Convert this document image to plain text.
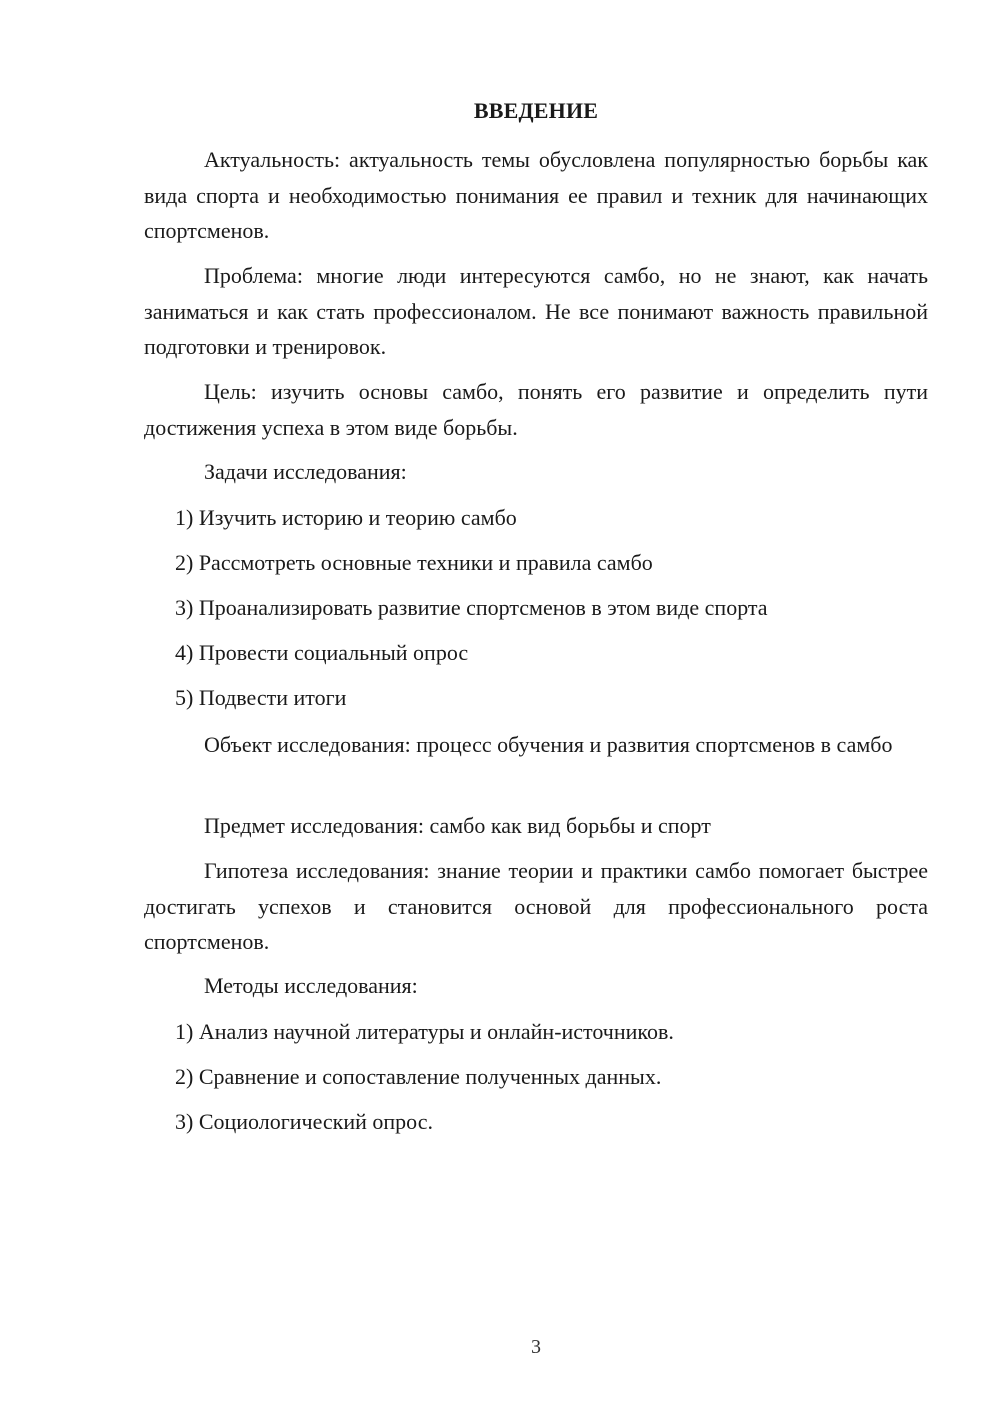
ВВЕДЕНИЕ
Актуальность: актуальность темы обусловлена популярностью борьбы как вида спорта и необходимостью понимания ее правил и техник для начинающих спортсменов.
Проблема: многие люди интересуются самбо, но не знают, как начать заниматься и как стать профессионалом. Не все понимают важность правильной подготовки и тренировок.
Цель: изучить основы самбо, понять его развитие и определить пути достижения успеха в этом виде борьбы.
Задачи исследования:
1) Изучить историю и теорию самбо
2) Рассмотреть основные техники и правила самбо
3) Проанализировать развитие спортсменов в этом виде спорта
4) Провести социальный опрос
5) Подвести итоги
Объект исследования: процесс обучения и развития спортсменов в самбо
Предмет исследования: самбо как вид борьбы и спорт
Гипотеза исследования: знание теории и практики самбо помогает быстрее достигать успехов и становится основой для профессионального роста спортсменов.
Методы исследования:
1) Анализ научной литературы и онлайн-источников.
2) Сравнение и сопоставление полученных данных.
3) Социологический опрос.
3
